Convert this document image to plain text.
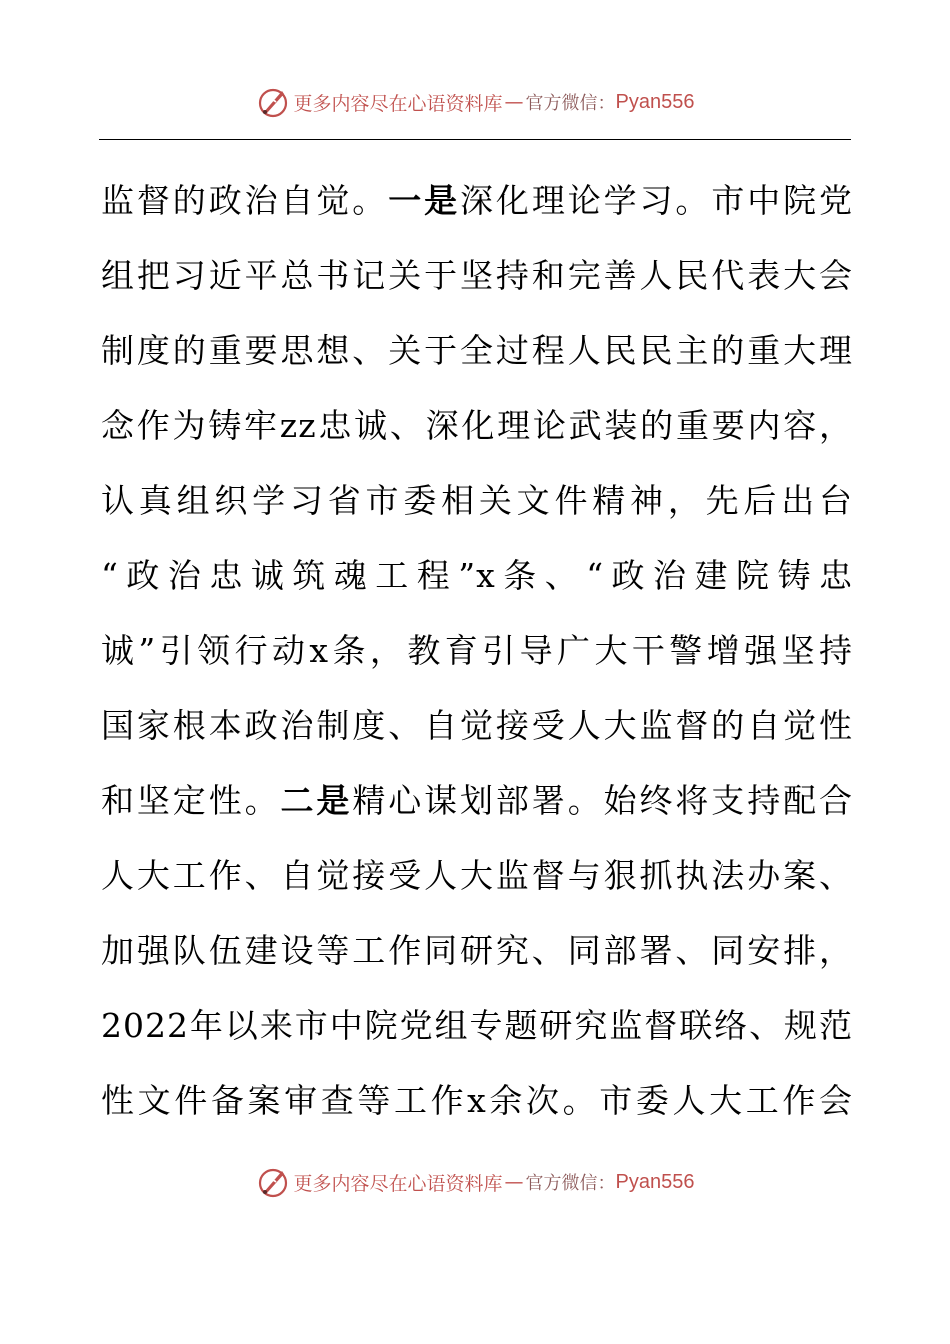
更多内容尽在心语资料库 — 官方微信： Pyan556
监督的政治自觉。一是深化理论学习。市中院党
组把习近平总书记关于坚持和完善人民代表大会
制度的重要思想、关于全过程人民民主的重大理
念作为铸牢zz忠诚、深化理论武装的重要内容，
认真组织学习省市委相关文件精神，先后出台
“政治忠诚筑魂工程”x条、“政治建院铸忠
诚”引领行动x条，教育引导广大干警增强坚持
国家根本政治制度、自觉接受人大监督的自觉性
和坚定性。二是精心谋划部署。始终将支持配合
人大工作、自觉接受人大监督与狠抓执法办案、
加强队伍建设等工作同研究、同部署、同安排，
2022年以来市中院党组专题研究监督联络、规范
性文件备案审查等工作x余次。市委人大工作会
更多内容尽在心语资料库 — 官方微信： Pyan556
